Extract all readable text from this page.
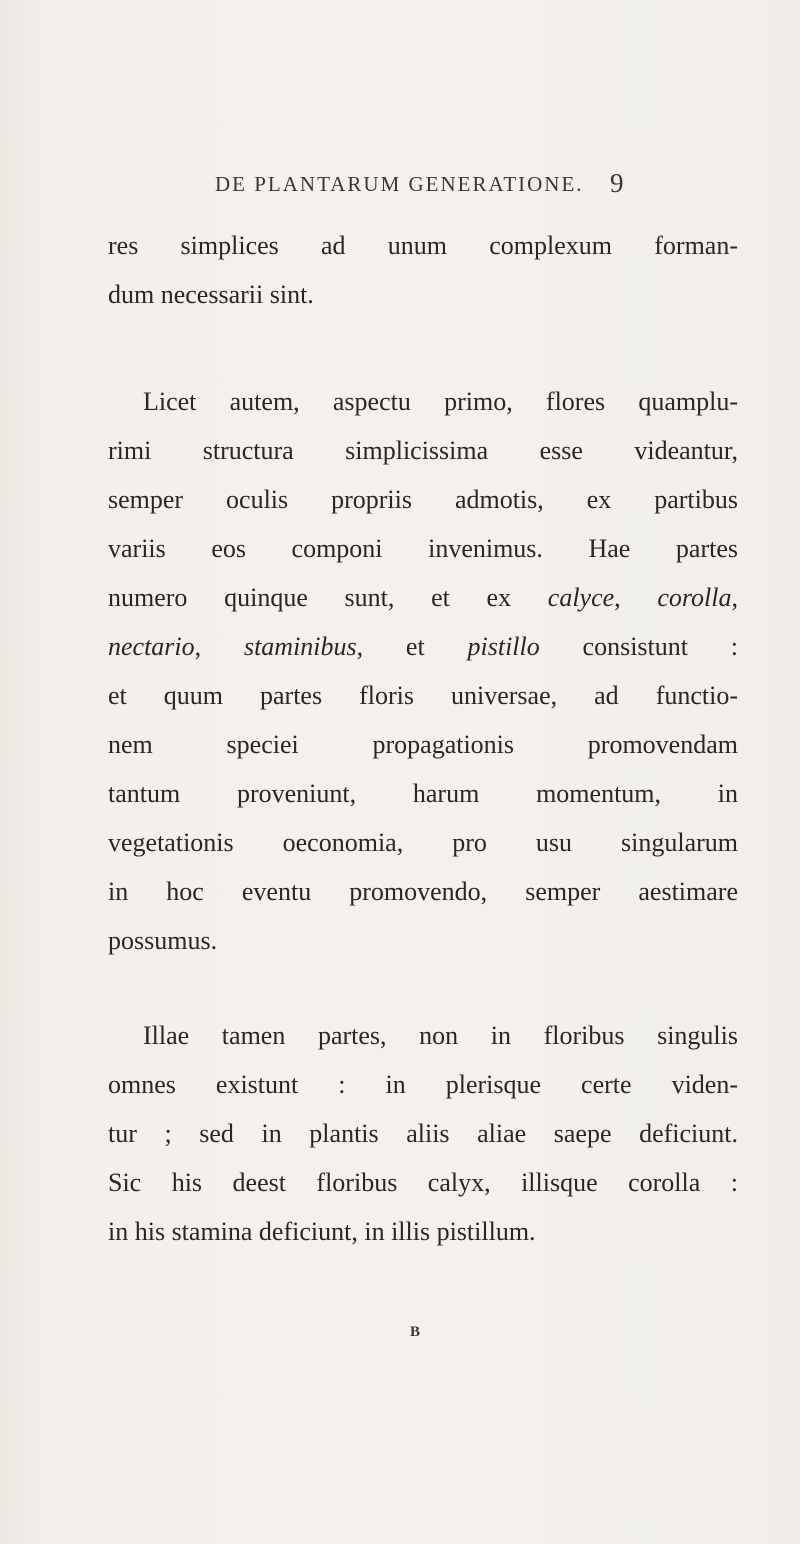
DE PLANTARUM GENERATIONE. 9
res simplices ad unum complexum forman-
dum necessarii sint.
Licet autem, aspectu primo, flores quamplu-
rimi structura simplicissima esse videantur,
semper oculis propriis admotis, ex partibus
variis eos componi invenimus. Hae partes
numero quinque sunt, et ex calyce, corolla,
nectario, staminibus, et pistillo consistunt :
et quum partes floris universae, ad functio-
nem speciei propagationis promovendam
tantum proveniunt, harum momentum, in
vegetationis oeconomia, pro usu singularum
in hoc eventu promovendo, semper aestimare
possumus.
Illae tamen partes, non in floribus singulis
omnes existunt : in plerisque certe viden-
tur ; sed in plantis aliis aliae saepe deficiunt.
Sic his deest floribus calyx, illisque corolla :
in his stamina deficiunt, in illis pistillum.
B
